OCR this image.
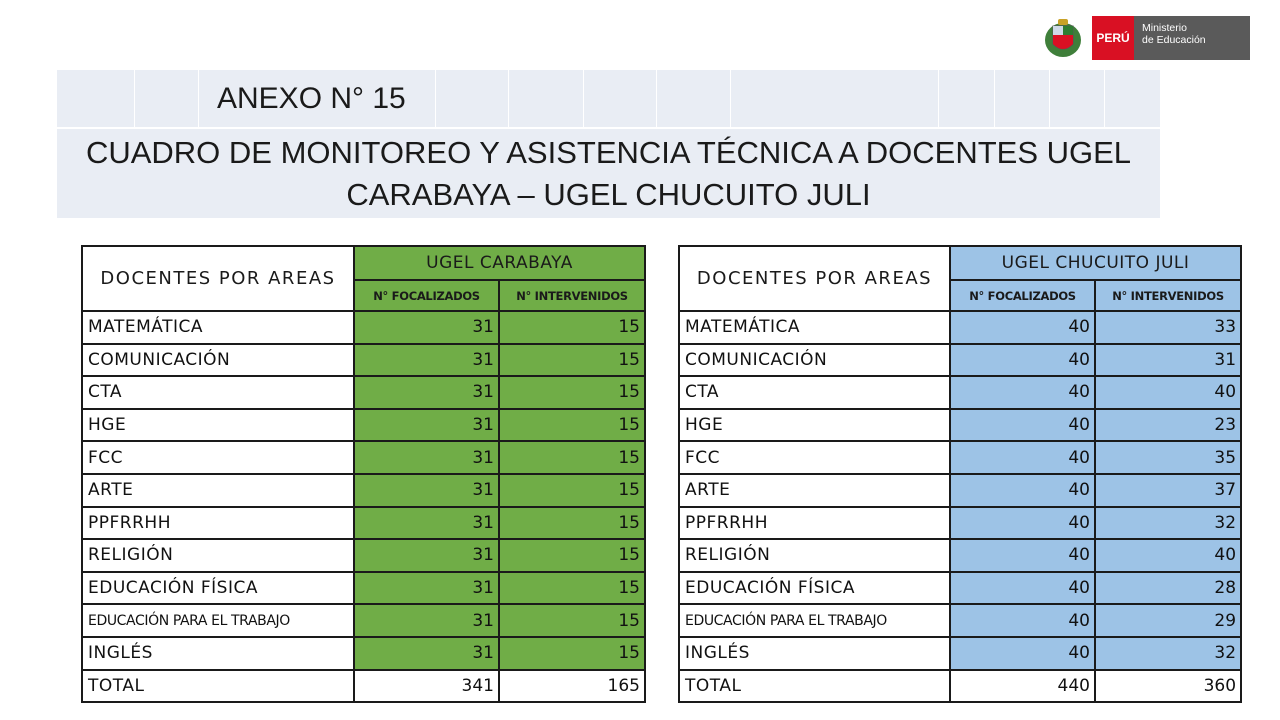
PERÚ
Ministerio
de Educación
ANEXO N° 15
CUADRO DE MONITOREO Y ASISTENCIA TÉCNICA A DOCENTES UGEL
CARABAYA – UGEL CHUCUITO JULI
DOCENTES POR AREAS	UGEL CARABAYA	
	N° FOCALIZADOS	N° INTERVENIDOS
MATEMÁTICA	31	15
COMUNICACIÓN	31	15
CTA	31	15
HGE	31	15
FCC	31	15
ARTE	31	15
PPFRRHH	31	15
RELIGIÓN	31	15
EDUCACIÓN FÍSICA	31	15
EDUCACIÓN PARA EL TRABAJO	31	15
INGLÉS	31	15
TOTAL	341	165
DOCENTES POR AREAS	UGEL CHUCUITO JULI	
	N° FOCALIZADOS	N° INTERVENIDOS
MATEMÁTICA	40	33
COMUNICACIÓN	40	31
CTA	40	40
HGE	40	23
FCC	40	35
ARTE	40	37
PPFRRHH	40	32
RELIGIÓN	40	40
EDUCACIÓN FÍSICA	40	28
EDUCACIÓN PARA EL TRABAJO	40	29
INGLÉS	40	32
TOTAL	440	360
